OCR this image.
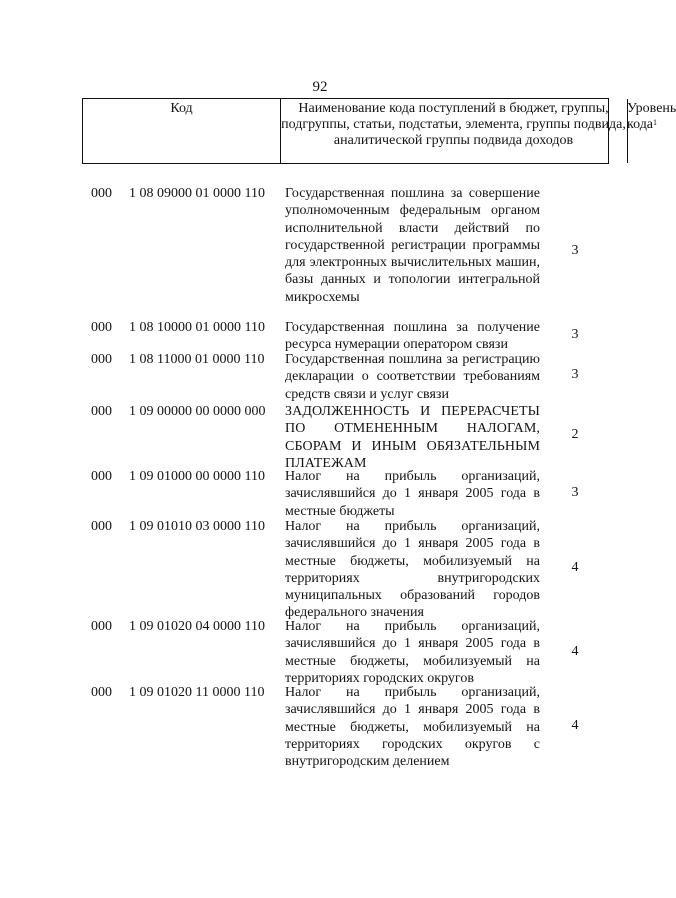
92
Код	Наименование кода поступлений в бюджет, группы, подгруппы, статьи, подстатьи, элемента, группы подвида, аналитической группы подвида доходов
Уровень кода$^1$
000 1 08 09000 01 0000 110 Государственная пошлина за совершение уполномоченным федеральным органом исполнительной власти действий по государственной регистрации программы для электронных вычислительных машин, базы данных и топологии интегральной микросхемы
3
000 1 08 10000 01 0000 110 Государственная пошлина за получение ресурса нумерации оператором связи
3
000 1 08 11000 01 0000 110 Государственная пошлина за регистрацию декларации о соответствии требованиям средств связи и услуг связи
3
000 1 09 00000 00 0000 000 ЗАДОЛЖЕННОСТЬ И ПЕРЕРАСЧЕТЫ ПО ОТМЕНЕННЫМ НАЛОГАМ, СБОРАМ И ИНЫМ ОБЯЗАТЕЛЬНЫМ ПЛАТЕЖАМ
2
000 1 09 01000 00 0000 110 Налог на прибыль организаций, зачислявшийся до 1 января 2005 года в местные бюджеты
3
000 1 09 01010 03 0000 110 Налог на прибыль организаций, зачислявшийся до 1 января 2005 года в местные бюджеты, мобилизуемый на территориях внутригородских муниципальных образований городов федерального значения
4
000 1 09 01020 04 0000 110 Налог на прибыль организаций, зачислявшийся до 1 января 2005 года в местные бюджеты, мобилизуемый на территориях городских округов
4
000 1 09 01020 11 0000 110 Налог на прибыль организаций, зачислявшийся до 1 января 2005 года в местные бюджеты, мобилизуемый на территориях городских округов с внутригородским делением
4
